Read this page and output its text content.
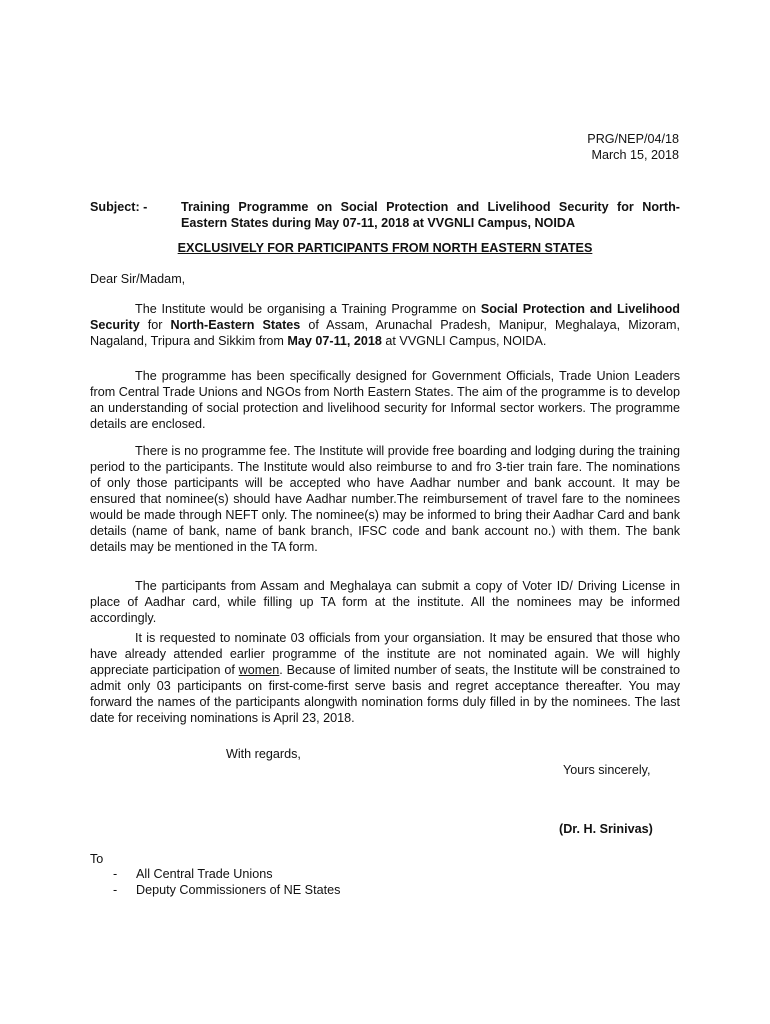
PRG/NEP/04/18
March 15, 2018
Subject: -	Training Programme on Social Protection and Livelihood Security for North-Eastern States during May 07-11, 2018 at VVGNLI Campus, NOIDA
EXCLUSIVELY FOR PARTICIPANTS FROM NORTH EASTERN STATES
Dear Sir/Madam,

The Institute would be organising a Training Programme on Social Protection and Livelihood Security for North-Eastern States of Assam, Arunachal Pradesh, Manipur, Meghalaya, Mizoram, Nagaland, Tripura and Sikkim from May 07-11, 2018 at VVGNLI Campus, NOIDA.

The programme has been specifically designed for Government Officials, Trade Union Leaders from Central Trade Unions and NGOs from North Eastern States. The aim of the programme is to develop an understanding of social protection and livelihood security for Informal sector workers. The programme details are enclosed.

There is no programme fee. The Institute will provide free boarding and lodging during the training period to the participants. The Institute would also reimburse to and fro 3-tier train fare. The nominations of only those participants will be accepted who have Aadhar number and bank account. It may be ensured that nominee(s) should have Aadhar number.The reimbursement of travel fare to the nominees would be made through NEFT only. The nominee(s) may be informed to bring their Aadhar Card and bank details (name of bank, name of bank branch, IFSC code and bank account no.) with them. The bank details may be mentioned in the TA form.

The participants from Assam and Meghalaya can submit a copy of Voter ID/ Driving License in place of Aadhar card, while filling up TA form at the institute. All the nominees may be informed accordingly.

It is requested to nominate 03 officials from your organsiation. It may be ensured that those who have already attended earlier programme of the institute are not nominated again. We will highly appreciate participation of women. Because of limited number of seats, the Institute will be constrained to admit only 03 participants on first-come-first serve basis and regret acceptance thereafter. You may forward the names of the participants alongwith nomination forms duly filled in by the nominees. The last date for receiving nominations is April 23, 2018.

With regards,
Yours sincerely,
(Dr. H. Srinivas)
To
- All Central Trade Unions
- Deputy Commissioners of NE States
